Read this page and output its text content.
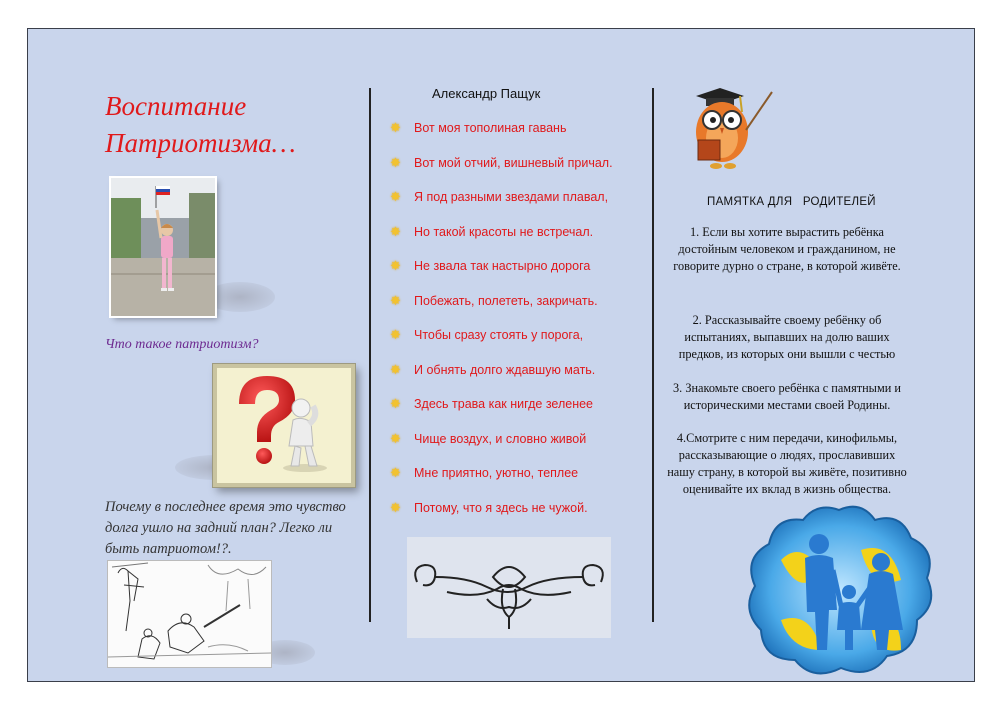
Воспитание
Патриотизма…
Что такое патриотизм?
Почему в последнее время это чувство
долга ушло на задний план? Легко ли
быть патриотом!?.
Александр Пащук
✸ Вот моя тополиная гавань
✸ Вот мой отчий, вишневый причал.
✸ Я под разными звездами плавал,
✸ Но такой красоты не встречал.
✸ Не звала так настырно дорога
✸ Побежать, полететь, закричать.
✸ Чтобы сразу стоять у порога,
✸ И обнять долго ждавшую мать.
✸ Здесь трава как нигде зеленее
✸ Чище воздух, и словно живой
✸ Мне приятно, уютно, теплее
✸ Потому, что я здесь не чужой.
ПАМЯТКА ДЛЯ   РОДИТЕЛЕЙ
1. Если вы хотите вырастить ребёнка достойным человеком и гражданином, не говорите дурно о стране, в которой живёте.
2. Рассказывайте своему ребёнку об испытаниях, выпавших на долю ваших предков, из которых они вышли с честью
3. Знакомьте своего ребёнка с памятными и историческими местами своей Родины.
4.Смотрите с ним передачи, кинофильмы, рассказывающие о людях, прославивших нашу страну, в которой вы живёте, позитивно оценивайте их вклад в жизнь общества.
